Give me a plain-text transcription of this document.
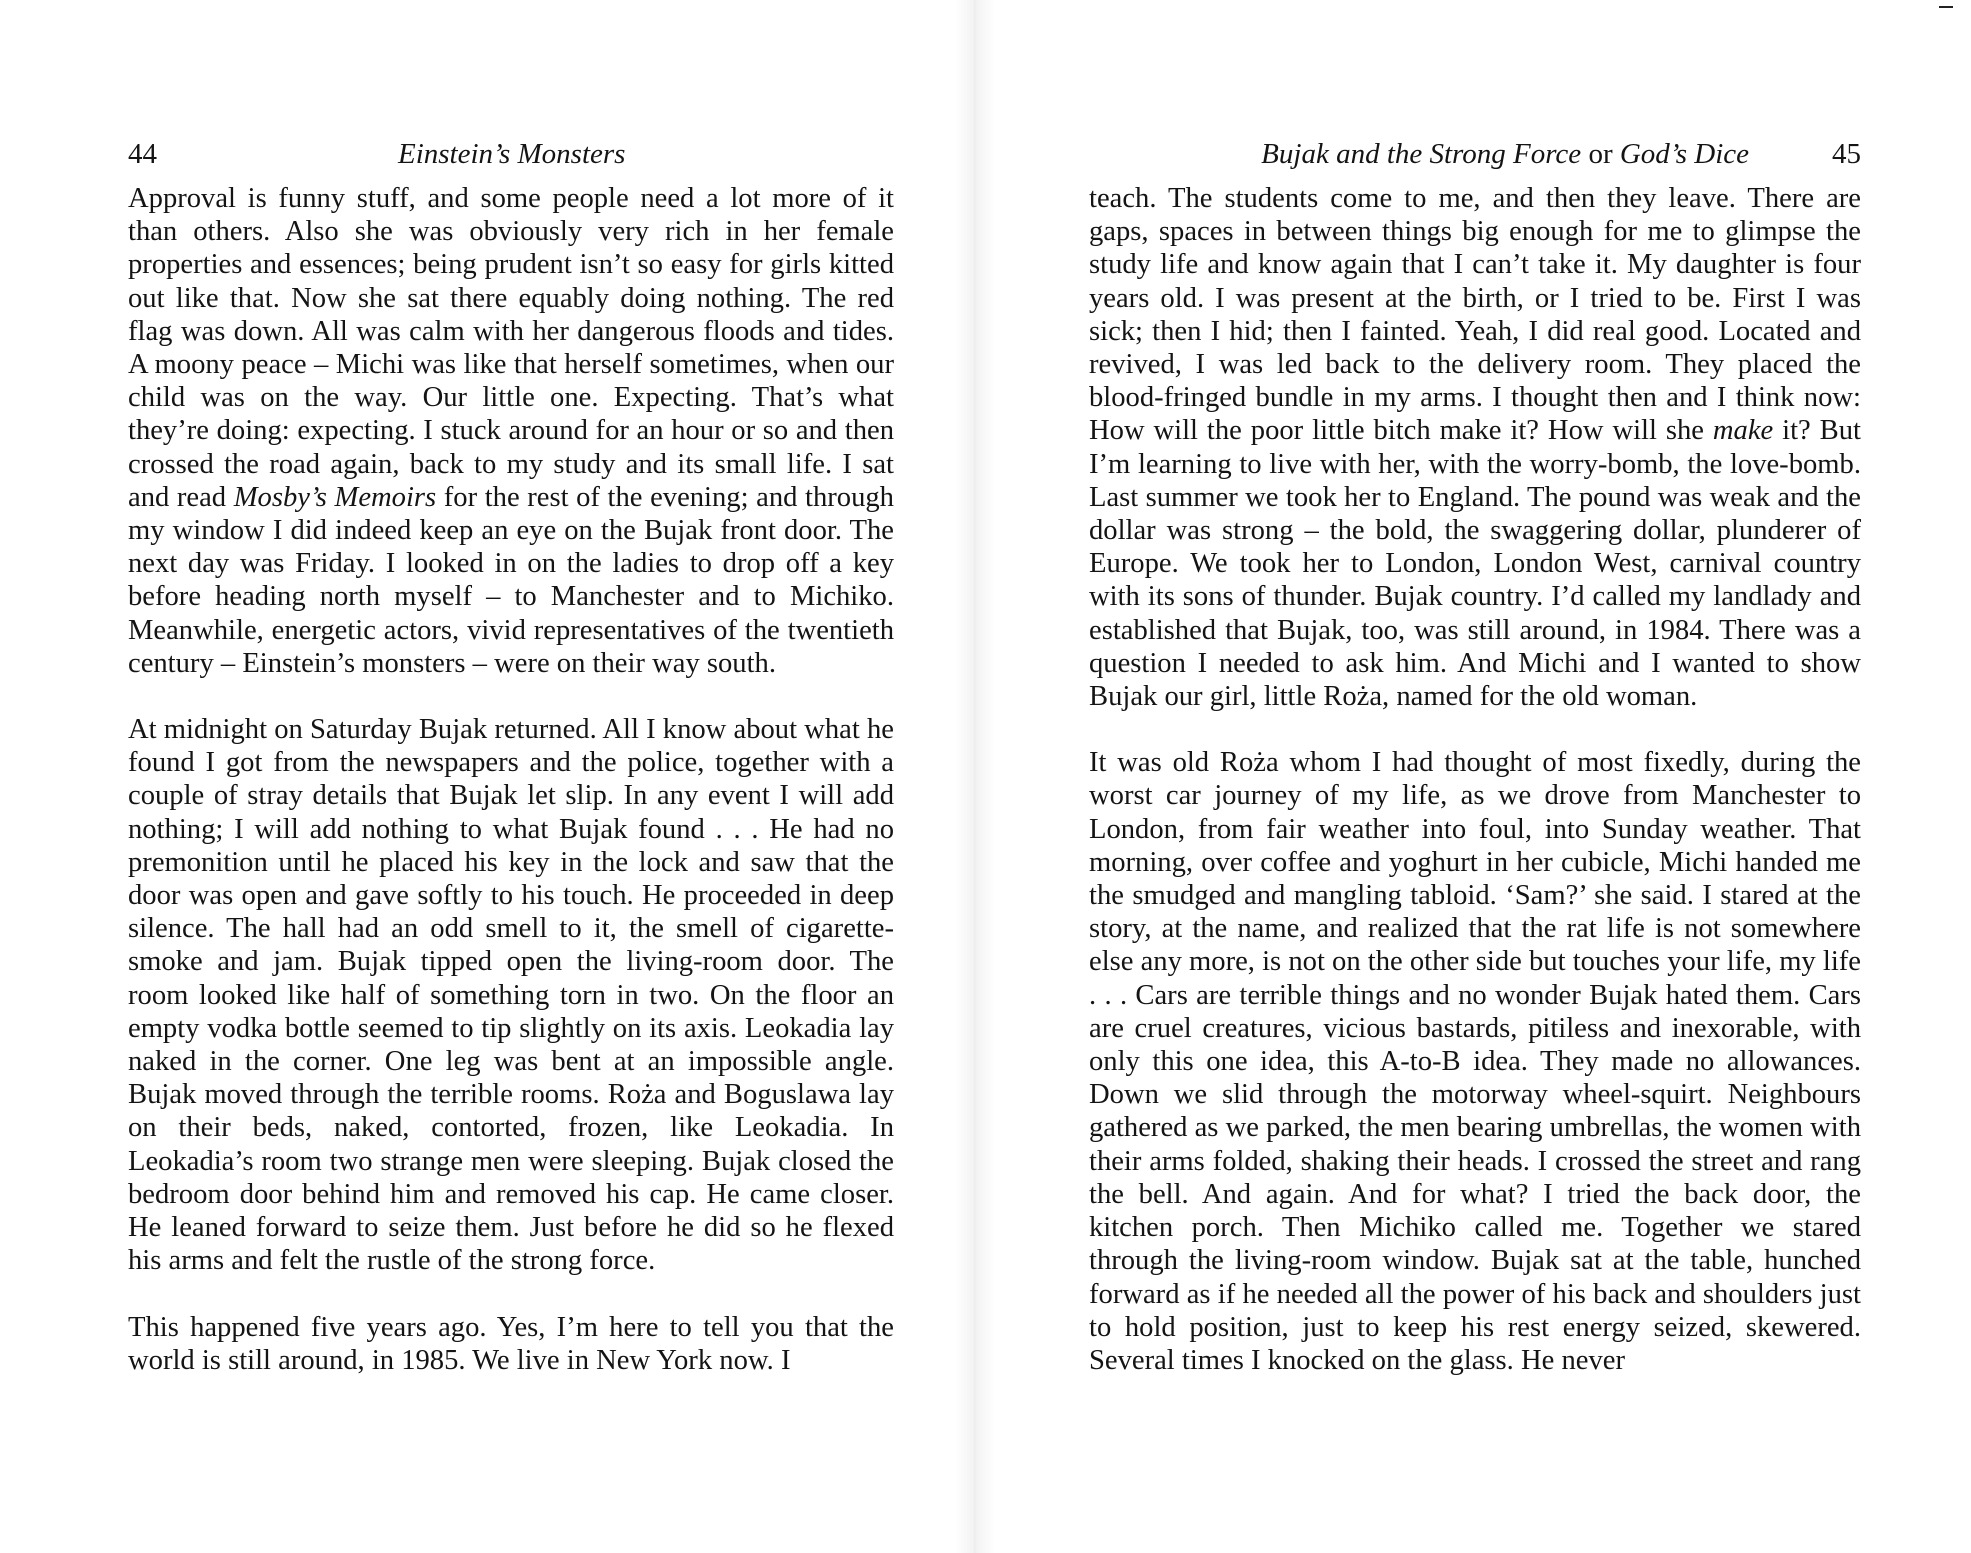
44	Einstein’s Monsters

Approval is funny stuff, and some people need a lot more of it than others. Also she was obviously very rich in her female properties and essences; being prudent isn’t so easy for girls kitted out like that. Now she sat there equably doing nothing. The red flag was down. All was calm with her dangerous floods and tides. A moony peace – Michi was like that herself sometimes, when our child was on the way. Our little one. Expecting. That’s what they’re doing: expecting. I stuck around for an hour or so and then crossed the road again, back to my study and its small life. I sat and read Mosby’s Memoirs for the rest of the evening; and through my window I did indeed keep an eye on the Bujak front door. The next day was Friday. I looked in on the ladies to drop off a key before heading north myself – to Manchester and to Michiko. Meanwhile, energetic actors, vivid representatives of the twentieth century – Einstein’s monsters – were on their way south.

At midnight on Saturday Bujak returned. All I know about what he found I got from the newspapers and the police, together with a couple of stray details that Bujak let slip. In any event I will add nothing; I will add nothing to what Bujak found . . . He had no premonition until he placed his key in the lock and saw that the door was open and gave softly to his touch. He proceeded in deep silence. The hall had an odd smell to it, the smell of cigarette-smoke and jam. Bujak tipped open the living-room door. The room looked like half of something torn in two. On the floor an empty vodka bottle seemed to tip slightly on its axis. Leokadia lay naked in the corner. One leg was bent at an impossible angle. Bujak moved through the terrible rooms. Roża and Boguslawa lay on their beds, naked, contorted, frozen, like Leokadia. In Leokadia’s room two strange men were sleeping. Bujak closed the bedroom door behind him and removed his cap. He came closer. He leaned forward to seize them. Just before he did so he flexed his arms and felt the rustle of the strong force.

This happened five years ago. Yes, I’m here to tell you that the world is still around, in 1985. We live in New York now. I

Bujak and the Strong Force or God’s Dice	45

teach. The students come to me, and then they leave. There are gaps, spaces in between things big enough for me to glimpse the study life and know again that I can’t take it. My daughter is four years old. I was present at the birth, or I tried to be. First I was sick; then I hid; then I fainted. Yeah, I did real good. Located and revived, I was led back to the delivery room. They placed the blood-fringed bundle in my arms. I thought then and I think now: How will the poor little bitch make it? How will she make it? But I’m learning to live with her, with the worry-bomb, the love-bomb. Last summer we took her to England. The pound was weak and the dollar was strong – the bold, the swaggering dollar, plunderer of Europe. We took her to London, London West, carnival country with its sons of thunder. Bujak country. I’d called my landlady and established that Bujak, too, was still around, in 1984. There was a question I needed to ask him. And Michi and I wanted to show Bujak our girl, little Roża, named for the old woman.

It was old Roża whom I had thought of most fixedly, during the worst car journey of my life, as we drove from Manchester to London, from fair weather into foul, into Sunday weather. That morning, over coffee and yoghurt in her cubicle, Michi handed me the smudged and mangling tabloid. ‘Sam?’ she said. I stared at the story, at the name, and realized that the rat life is not somewhere else any more, is not on the other side but touches your life, my life . . . Cars are terrible things and no wonder Bujak hated them. Cars are cruel creatures, vicious bastards, pitiless and inexorable, with only this one idea, this A-to-B idea. They made no allowances. Down we slid through the motorway wheel-squirt. Neighbours gathered as we parked, the men bearing umbrellas, the women with their arms folded, shaking their heads. I crossed the street and rang the bell. And again. And for what? I tried the back door, the kitchen porch. Then Michiko called me. Together we stared through the living-room window. Bujak sat at the table, hunched forward as if he needed all the power of his back and shoulders just to hold position, just to keep his rest energy seized, skewered. Several times I knocked on the glass. He never
